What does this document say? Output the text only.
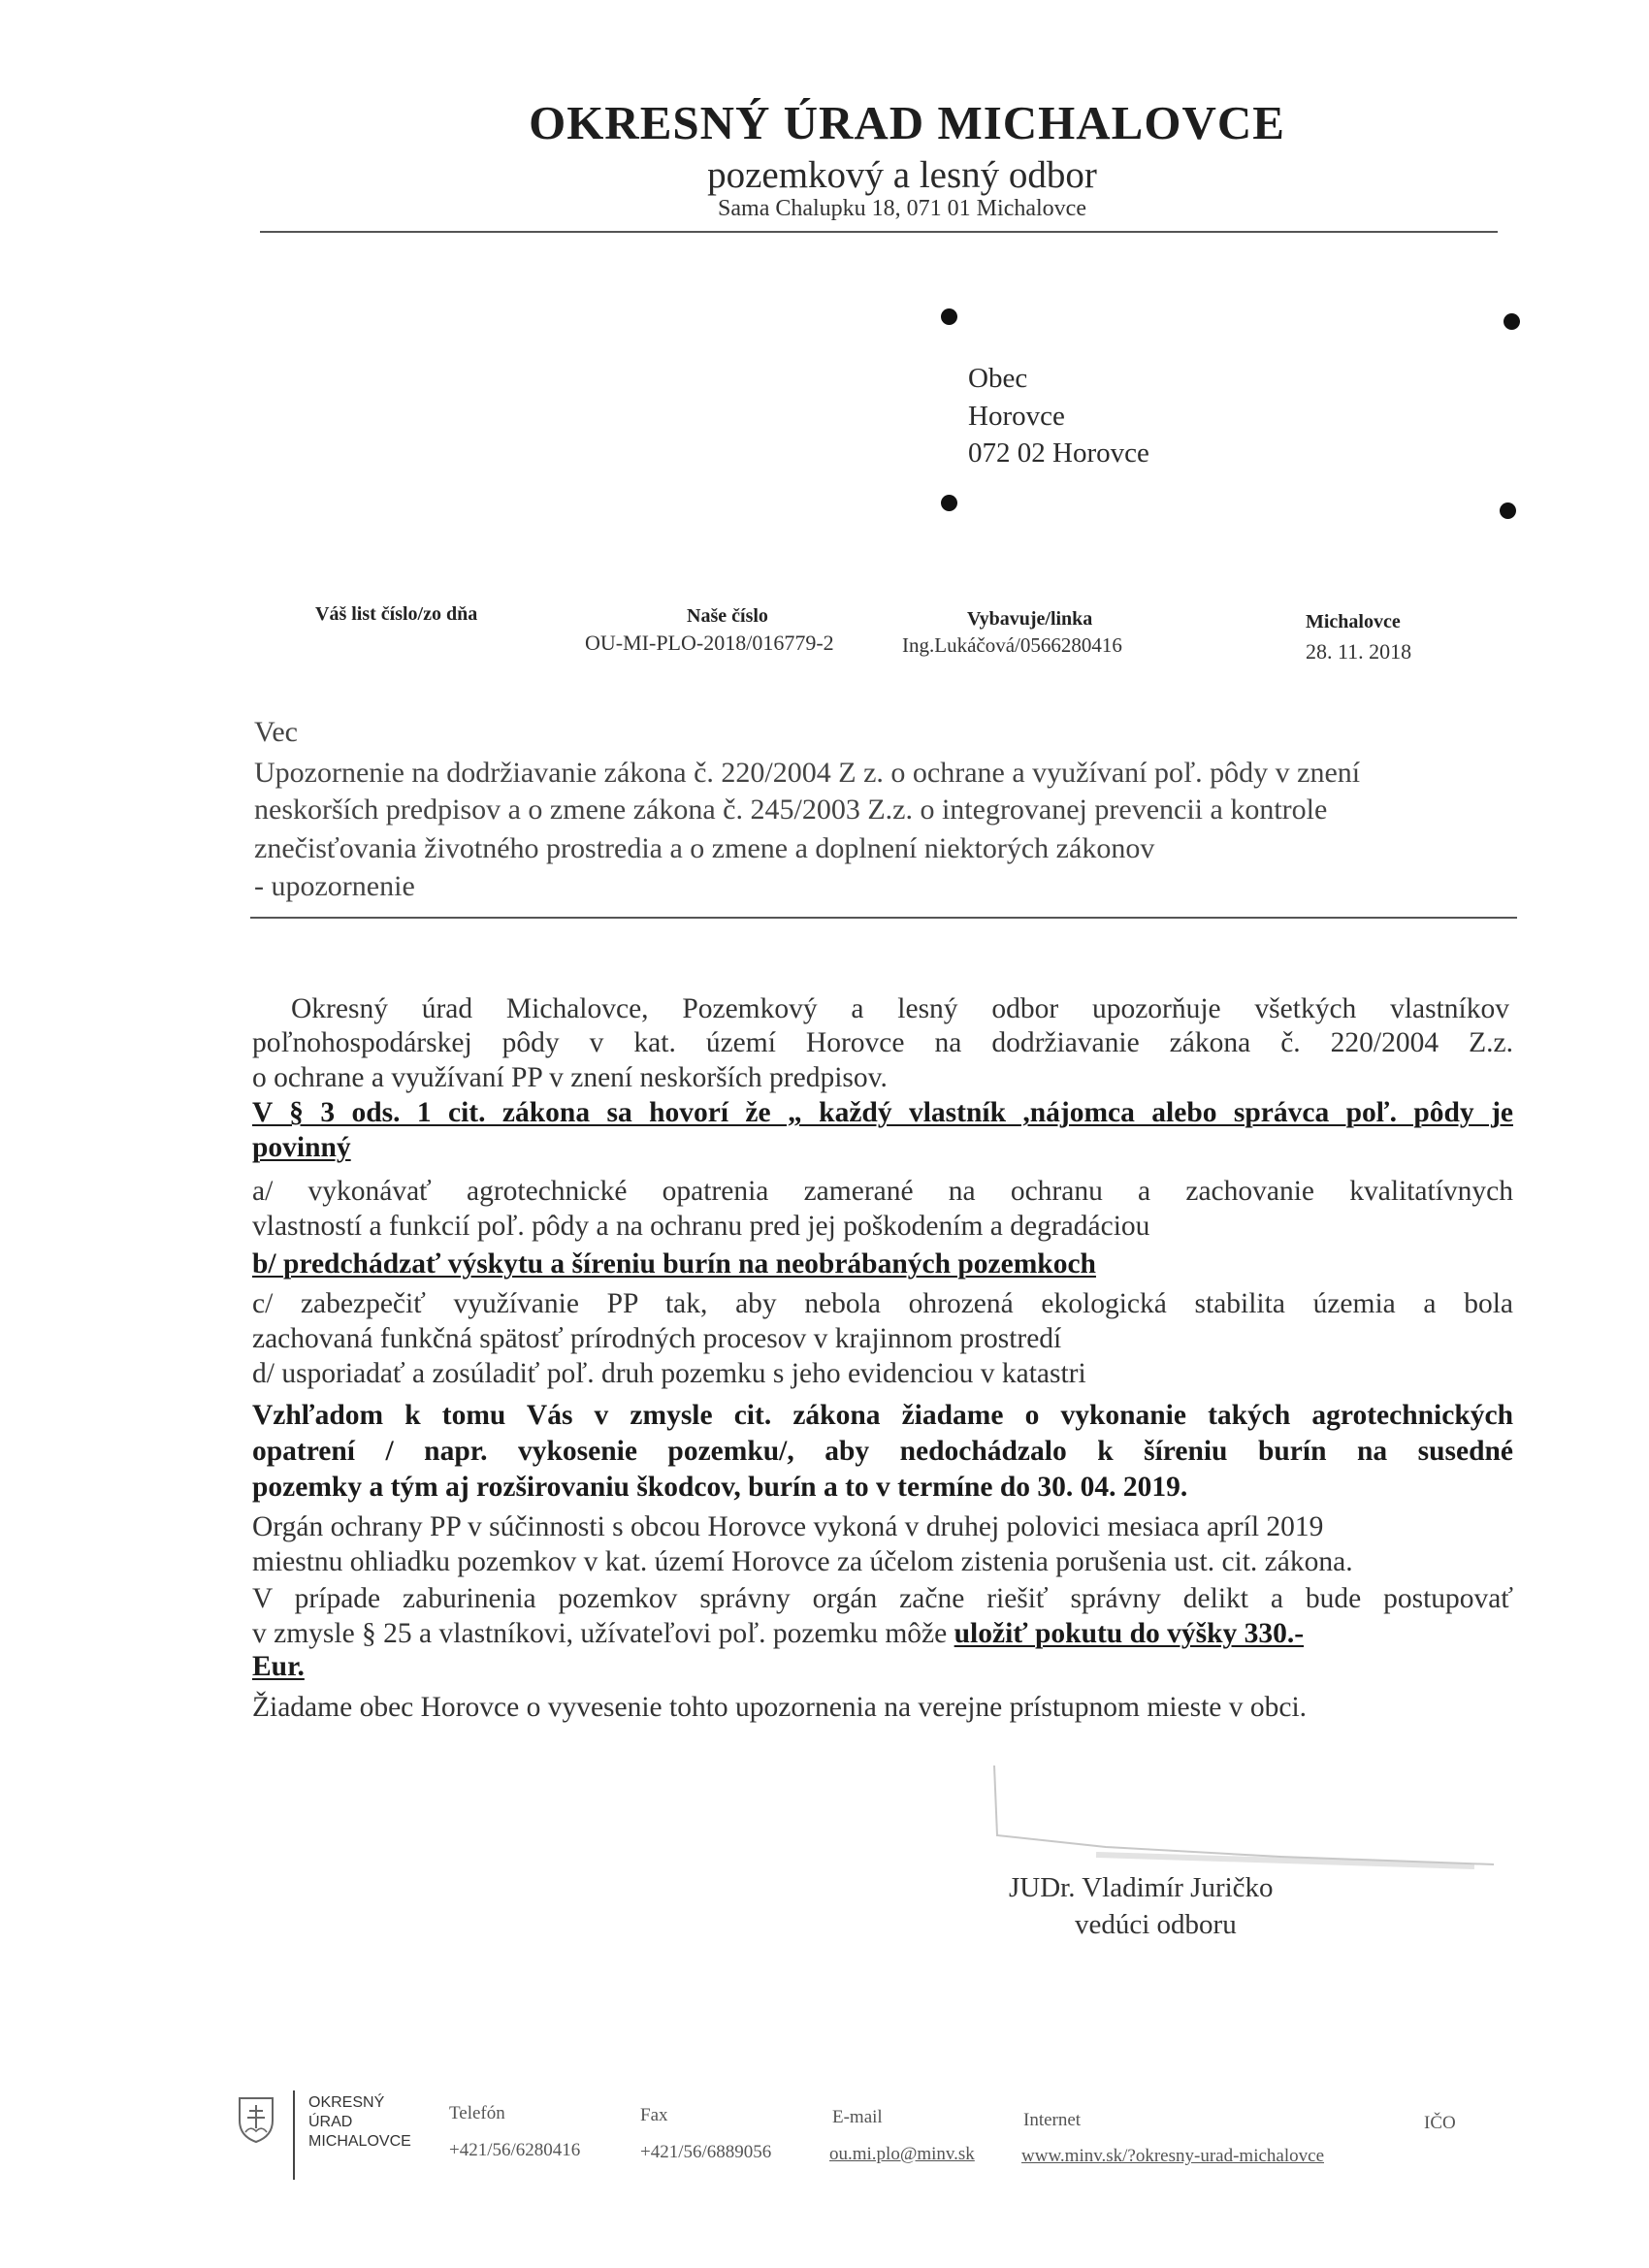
OKRESNÝ ÚRAD MICHALOVCE
pozemkový a lesný odbor
Sama Chalupku 18, 071 01 Michalovce
Obec
Horovce
072 02 Horovce
Váš list číslo/zo dňa	Naše číslo
OU-MI-PLO-2018/016779-2
Vybavuje/linka
Ing.Lukáčová/0566280416
Michalovce
28. 11. 2018
Vec
Upozornenie na dodržiavanie zákona č. 220/2004 Z z. o ochrane a využívaní poľ. pôdy v znení
neskorších predpisov a o zmene zákona č. 245/2003 Z.z. o integrovanej prevencii a kontrole
znečisťovania životného prostredia a o zmene a doplnení niektorých zákonov
- upozornenie
Okresný úrad Michalovce, Pozemkový a lesný odbor upozorňuje všetkých vlastníkov
poľnohospodárskej pôdy v kat. území Horovce na dodržiavanie zákona č. 220/2004 Z.z.
o ochrane a využívaní PP v znení neskorších predpisov.
V § 3 ods. 1 cit. zákona sa hovorí že „ každý vlastník ,nájomca alebo správca poľ. pôdy je
povinný
a/ vykonávať agrotechnické opatrenia zamerané na ochranu a zachovanie kvalitatívnych
vlastností a funkcií poľ. pôdy a na ochranu pred jej poškodením a degradáciou
b/ predchádzať výskytu a šíreniu burín na neobrábaných pozemkoch
c/ zabezpečiť využívanie PP tak, aby nebola ohrozená ekologická stabilita územia a bola
zachovaná funkčná spätosť prírodných procesov v krajinnom prostredí
d/ usporiadať a zosúladiť poľ. druh pozemku s jeho evidenciou v katastri
Vzhľadom k tomu Vás v zmysle cit. zákona žiadame o vykonanie takých agrotechnických
opatrení / napr. vykosenie pozemku/, aby nedochádzalo k šíreniu burín na susedné
pozemky a tým aj rozširovaniu škodcov, burín a to v termíne do 30. 04. 2019.
Orgán ochrany PP v súčinnosti s obcou Horovce vykoná v druhej polovici mesiaca apríl 2019
miestnu ohliadku pozemkov v kat. území Horovce za účelom zistenia porušenia ust. cit. zákona.
V prípade zaburinenia pozemkov správny orgán začne riešiť správny delikt a bude postupovať
v zmysle § 25 a vlastníkovi, užívateľovi poľ. pozemku môže uložiť pokutu do výšky 330.-
Eur.
Žiadame obec Horovce o vyvesenie tohto upozornenia na verejne prístupnom mieste v obci.
JUDr. Vladimír Juričko
vedúci odboru
OKRESNÝ
ÚRAD
MICHALOVCE
Telefón
+421/56/6280416
Fax
+421/56/6889056
E-mail
ou.mi.plo@minv.sk
Internet
www.minv.sk/?okresny-urad-michalovce
IČO
